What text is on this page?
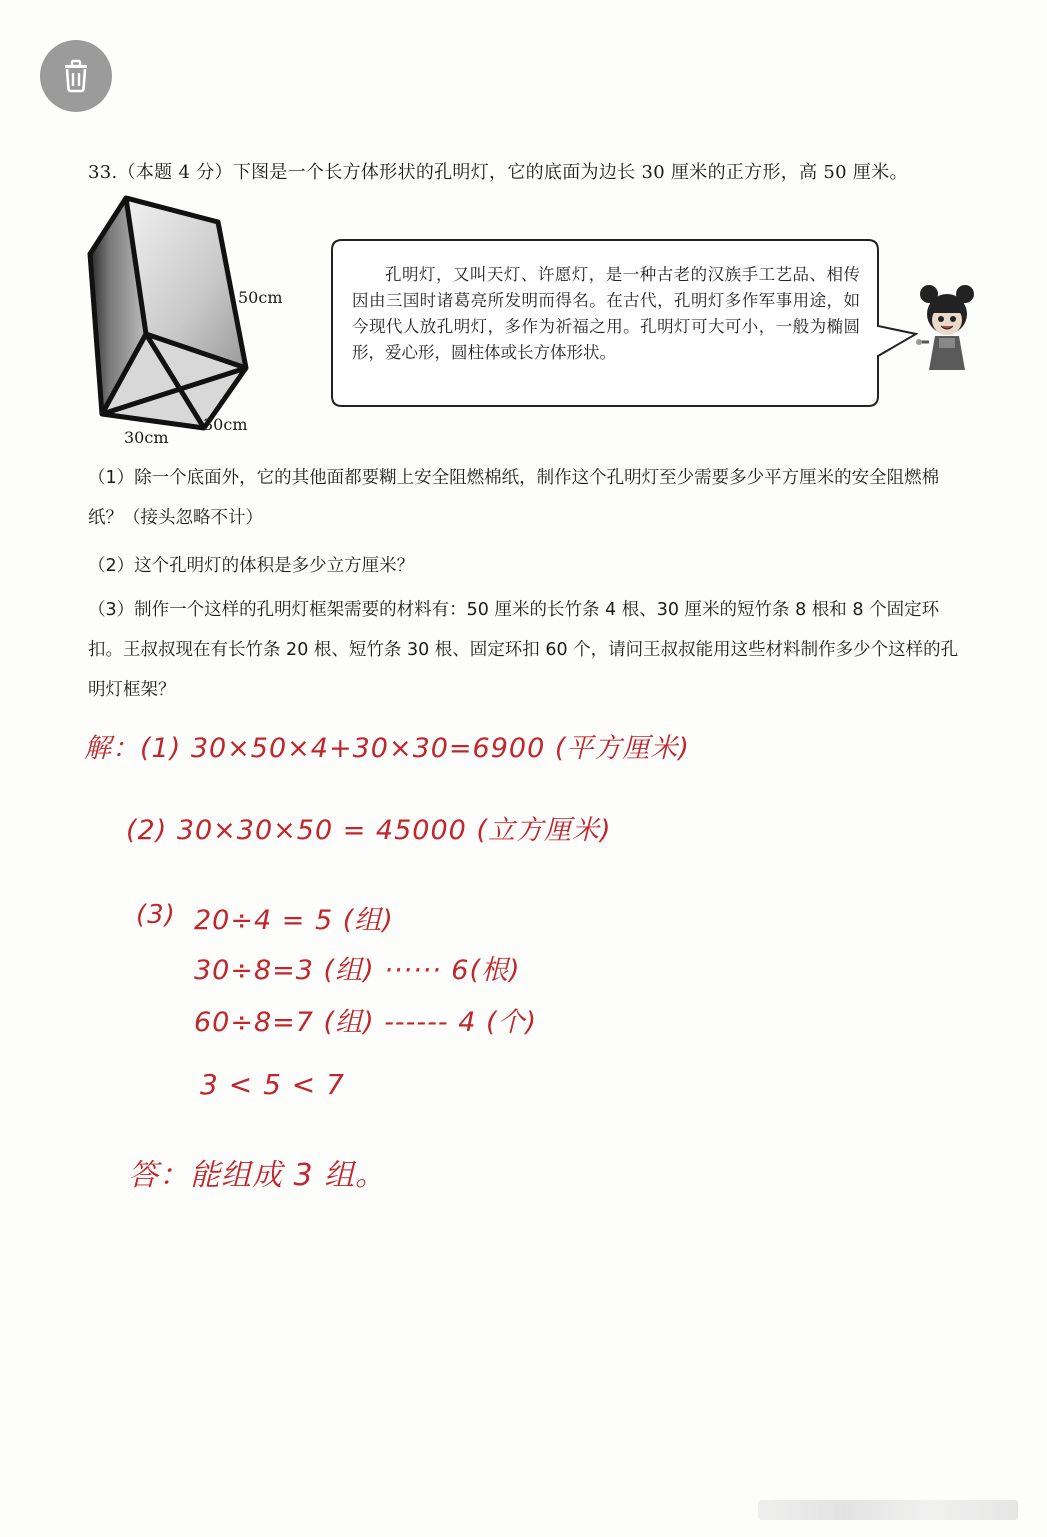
33.（本题 4 分）下图是一个长方体形状的孔明灯，它的底面为边长 30 厘米的正方形，高 50 厘米。
50cm
30cm
30cm
孔明灯，又叫天灯、许愿灯，是一种古老的汉族手工艺品、相传因由三国时诸葛亮所发明而得名。在古代，孔明灯多作军事用途，如今现代人放孔明灯，多作为祈福之用。孔明灯可大可小，一般为椭圆形，爱心形，圆柱体或长方体形状。
（1）除一个底面外，它的其他面都要糊上安全阻燃棉纸，制作这个孔明灯至少需要多少平方厘米的安全阻燃棉纸？（接头忽略不计）
（2）这个孔明灯的体积是多少立方厘米？
（3）制作一个这样的孔明灯框架需要的材料有：50 厘米的长竹条 4 根、30 厘米的短竹条 8 根和 8 个固定环扣。王叔叔现在有长竹条 20 根、短竹条 30 根、固定环扣 60 个，请问王叔叔能用这些材料制作多少个这样的孔明灯框架？
解：(1) 30×50×4+30×30=6900 (平方厘米)
(2) 30×30×50 = 45000 (立方厘米)
(3) 20÷4 = 5 (组)
30÷8=3 (组) ······ 6(根)
60÷8=7 (组) ------ 4 (个)
3 < 5 < 7
答：能组成 3 组。
